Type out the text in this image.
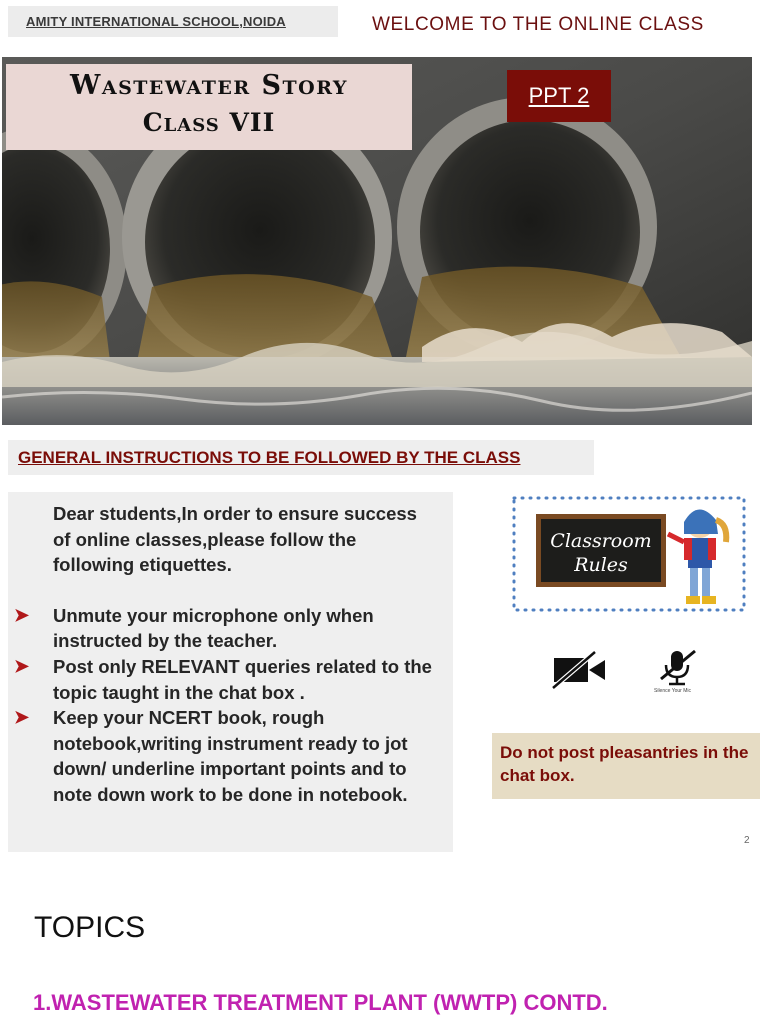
AMITY INTERNATIONAL SCHOOL,NOIDA	WELCOME TO THE ONLINE CLASS
Wastewater Story
Class VII
PPT 2
GENERAL INSTRUCTIONS TO BE FOLLOWED BY THE CLASS

Dear students,In order to ensure success of online classes,please follow the following etiquettes.

➤ Unmute your microphone only when instructed by the teacher.

➤ Post only RELEVANT queries related to the topic taught in the chat box .

➤ Keep your NCERT book, rough notebook,writing instrument ready to jot down/ underline important points and to note down work to be done in notebook.

Classroom
Rules
Silence Your Mic
Do not post pleasantries in the chat box.
2
TOPICS
1.WASTEWATER TREATMENT PLANT (WWTP) CONTD.
